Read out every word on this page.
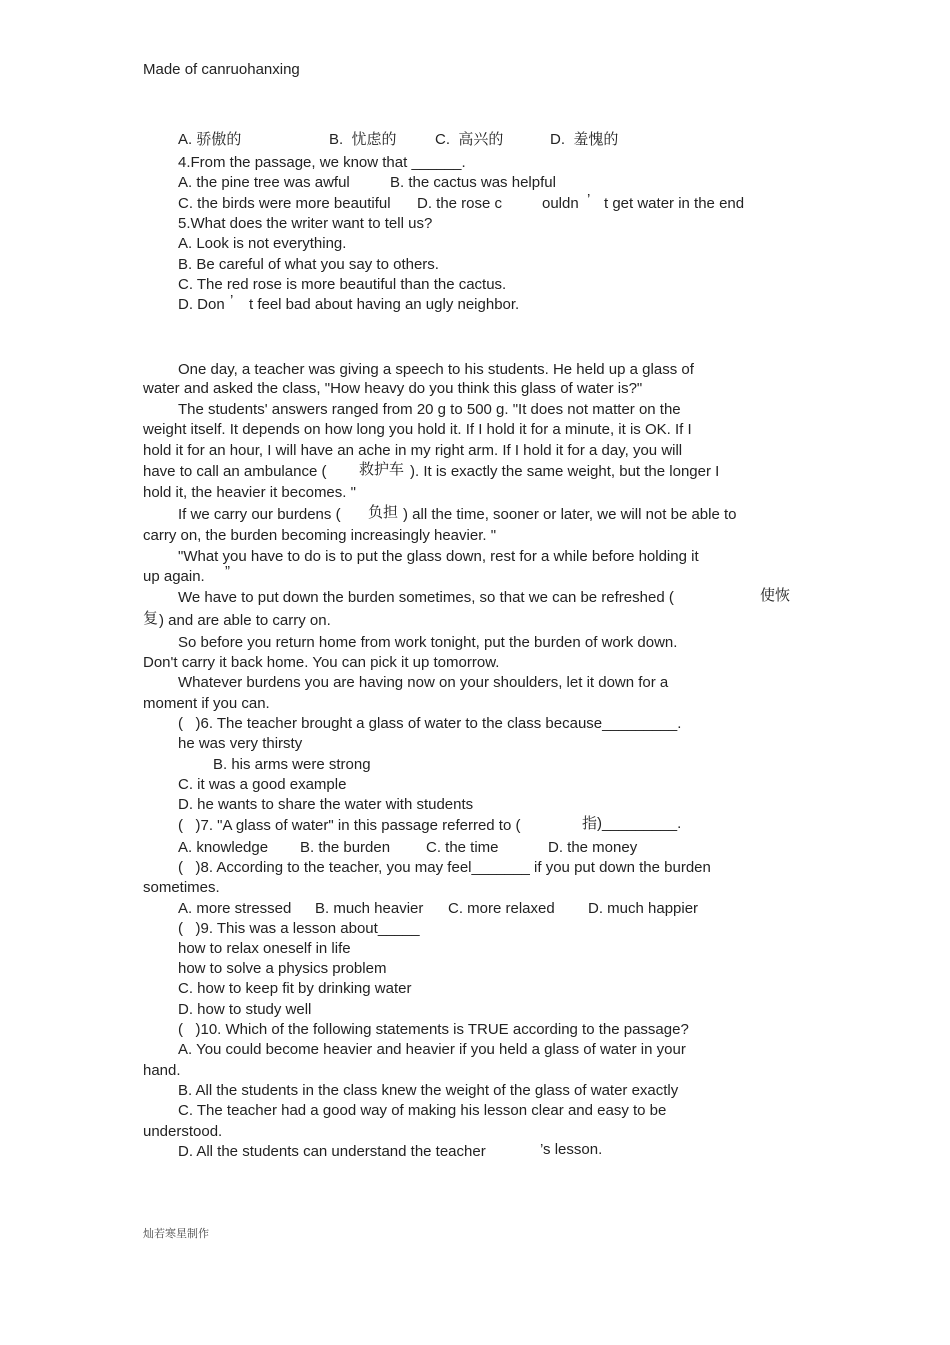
Made of canruohanxing
A. 骄傲的	B.  忧虑的	C.  高兴的	D.  羞愧的
4.From the passage, we know that ______.
A. the pine tree was awful	B. the cactus was helpful
C. the birds were more beautiful D. the rose c	ouldn ’ t get water in the end
5.What does the writer want to tell us?
A. Look is not everything.
B. Be careful of what you say to others.
C. The red rose is more beautiful than the cactus.
D. Don ’ t feel bad about having an ugly neighbor.
One day, a teacher was giving a speech to his students. He held up a glass of
water and asked the class, "How heavy do you think this glass of water is?"
The students' answers ranged from 20 g to 500 g. "It does not matter on the
weight itself. It depends on how long you hold it. If I hold it for a minute, it is OK. If I
hold it for an hour, I will have an ache in my right arm. If I hold it for a day, you will
have to call an ambulance ( 救护车 ). It is exactly the same weight, but the longer I
hold it, the heavier it becomes. "
If we carry our burdens ( 负担 ) all the time, sooner or later, we will not be able to
carry on, the burden becoming increasingly heavier. "
"What you have to do is to put the glass down, rest for a while before holding it
up again. ”
We have to put down the burden sometimes, so that we can be refreshed (	使恢
复 ) and are able to carry on.
So before you return home from work tonight, put the burden of work down.
Don't carry it back home. You can pick it up tomorrow.
Whatever burdens you are having now on your shoulders, let it down for a
moment if you can.
(   )6. The teacher brought a glass of water to the class because_________.
he was very thirsty
B. his arms were strong
C. it was a good example
D. he wants to share the water with students
(   )7. "A glass of water" in this passage referred to (	指)_________.
A. knowledge B. the burden C. the time	D. the money
(   )8. According to the teacher, you may feel_______ if you put down the burden
sometimes.
A. more stressed B. much heavier C. more relaxed D. much happier
(   )9. This was a lesson about_____
how to relax oneself in life
how to solve a physics problem
C. how to keep fit by drinking water
D. how to study well
(   )10. Which of the following statements is TRUE according to the passage?
A. You could become heavier and heavier if you held a glass of water in your
hand.
B. All the students in the class knew the weight of the glass of water exactly
C. The teacher had a good way of making his lesson clear and easy to be
understood.
D. All the students can understand the teacher	’s lesson.
灿若寒星制作
